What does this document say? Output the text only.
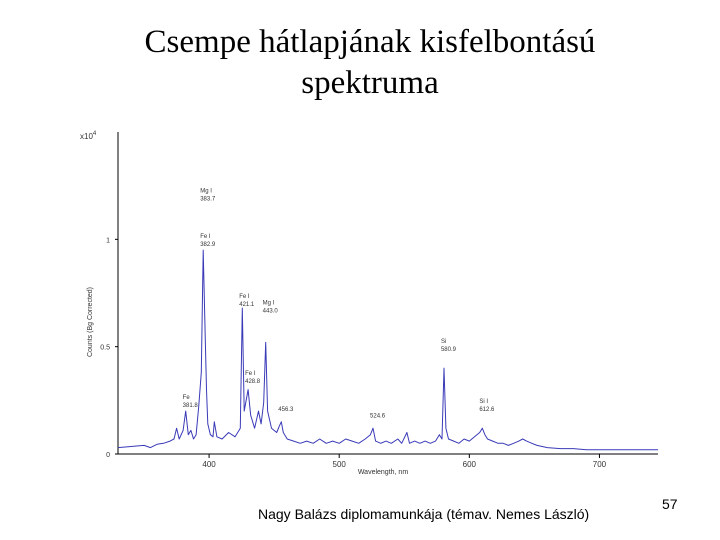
Csempe hátlapjának kisfelbontású
spektruma
$x10^4$
Counts (Bg Corrected)
0
0.5
1
400	500	600	700
Wavelength, nm
Mg I
383.7
Fe I
382.9
Fe I
421.1 Mg I
443.0
Fe I
428.8
Fe
381.8
456.3
524.6
Si
580.9
Si I
612.6
Nagy Balázs diplomamunkája (témav. Nemes László)
57
